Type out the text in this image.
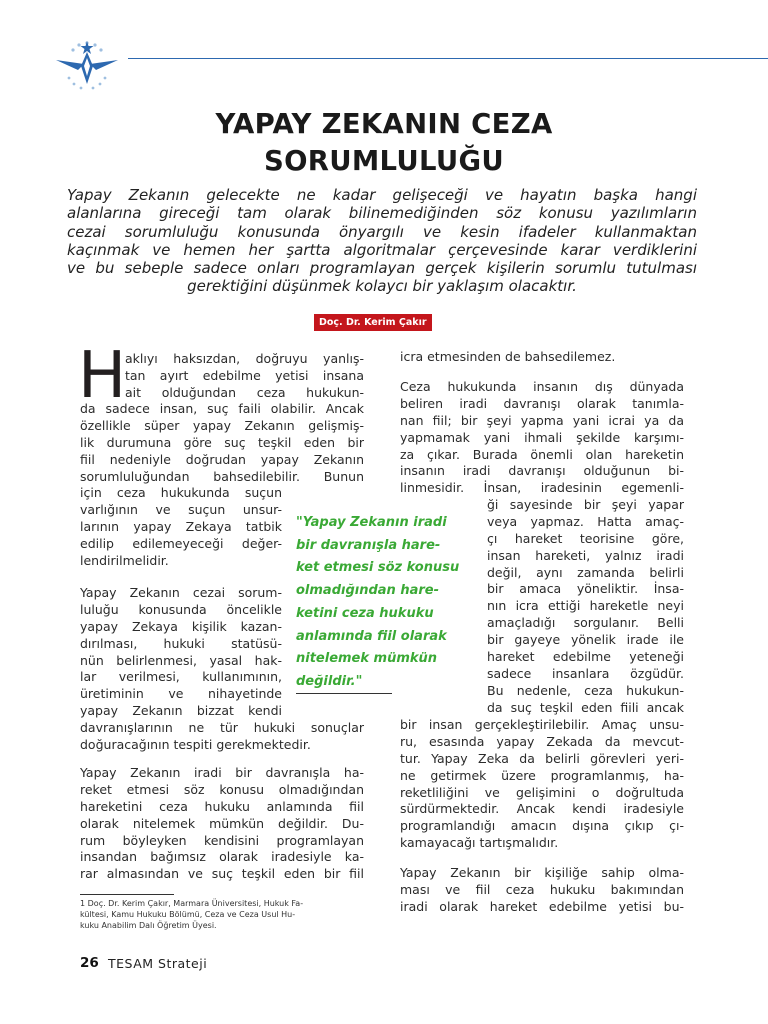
YAPAY ZEKANIN CEZA
SORUMLULUĞU
Yapay Zekanın gelecekte ne kadar gelişeceği ve hayatın başka hangi
alanlarına gireceği tam olarak bilinemediğinden söz konusu yazılımların
cezai sorumluluğu konusunda önyargılı ve kesin ifadeler kullanmaktan
kaçınmak ve hemen her şartta algoritmalar çerçevesinde karar verdiklerini
ve bu sebeple sadece onları programlayan gerçek kişilerin sorumlu tutulması
gerektiğini düşünmek kolaycı bir yaklaşım olacaktır.
Doç. Dr. Kerim Çakır
H
aklıyı haksızdan, doğruyu yanlış-
tan ayırt edebilme yetisi insana
ait olduğundan ceza hukukun-
da sadece insan, suç faili olabilir. Ancak
özellikle süper yapay Zekanın gelişmiş-
lik durumuna göre suç teşkil eden bir
fiil nedeniyle doğrudan yapay Zekanın
sorumluluğundan bahsedilebilir. Bunun
için ceza hukukunda suçun
varlığının ve suçun unsur-
larının yapay Zekaya tatbik
edilip edilemeyeceği değer-
lendirilmelidir.
Yapay Zekanın cezai sorum-
luluğu konusunda öncelikle
yapay Zekaya kişilik kazan-
dırılması, hukuki statüsü-
nün belirlenmesi, yasal hak-
lar verilmesi, kullanımının,
üretiminin ve nihayetinde
yapay Zekanın bizzat kendi
davranışlarının ne tür hukuki sonuçlar
doğuracağının tespiti gerekmektedir.
Yapay Zekanın iradi bir davranışla ha-
reket etmesi söz konusu olmadığından
hareketini ceza hukuku anlamında fiil
olarak nitelemek mümkün değildir. Du-
rum böyleyken kendisini programlayan
insandan bağımsız olarak iradesiyle ka-
rar almasından ve suç teşkil eden bir fiil
"Yapay Zekanın iradi
bir davranışla hare-
ket etmesi söz konusu
olmadığından hare-
ketini ceza hukuku
anlamında fiil olarak
nitelemek mümkün
değildir."
icra etmesinden de bahsedilemez.
Ceza hukukunda insanın dış dünyada
beliren iradi davranışı olarak tanımla-
nan fiil; bir şeyi yapma yani icrai ya da
yapmamak yani ihmali şekilde karşımı-
za çıkar. Burada önemli olan hareketin
insanın iradi davranışı olduğunun bi-
linmesidir. İnsan, iradesinin egemenli-
ği sayesinde bir şeyi yapar
veya yapmaz. Hatta amaç-
çı hareket teorisine göre,
insan hareketi, yalnız iradi
değil, aynı zamanda belirli
bir amaca yöneliktir. İnsa-
nın icra ettiği hareketle neyi
amaçladığı sorgulanır. Belli
bir gayeye yönelik irade ile
hareket edebilme yeteneği
sadece insanlara özgüdür.
Bu nedenle, ceza hukukun-
da suç teşkil eden fiili ancak
bir insan gerçekleştirilebilir. Amaç unsu-
ru, esasında yapay Zekada da mevcut-
tur. Yapay Zeka da belirli görevleri yeri-
ne getirmek üzere programlanmış, ha-
reketliliğini ve gelişimini o doğrultuda
sürdürmektedir. Ancak kendi iradesiyle
programlandığı amacın dışına çıkıp çı-
kamayacağı tartışmalıdır.
Yapay Zekanın bir kişiliğe sahip olma-
ması ve fiil ceza hukuku bakımından
iradi olarak hareket edebilme yetisi bu-
1 Doç. Dr. Kerim Çakır, Marmara Üniversitesi, Hukuk Fa-
kültesi, Kamu Hukuku Bölümü, Ceza ve Ceza Usul Hu-
kuku Anabilim Dalı Öğretim Üyesi.
26 TESAM Strateji
